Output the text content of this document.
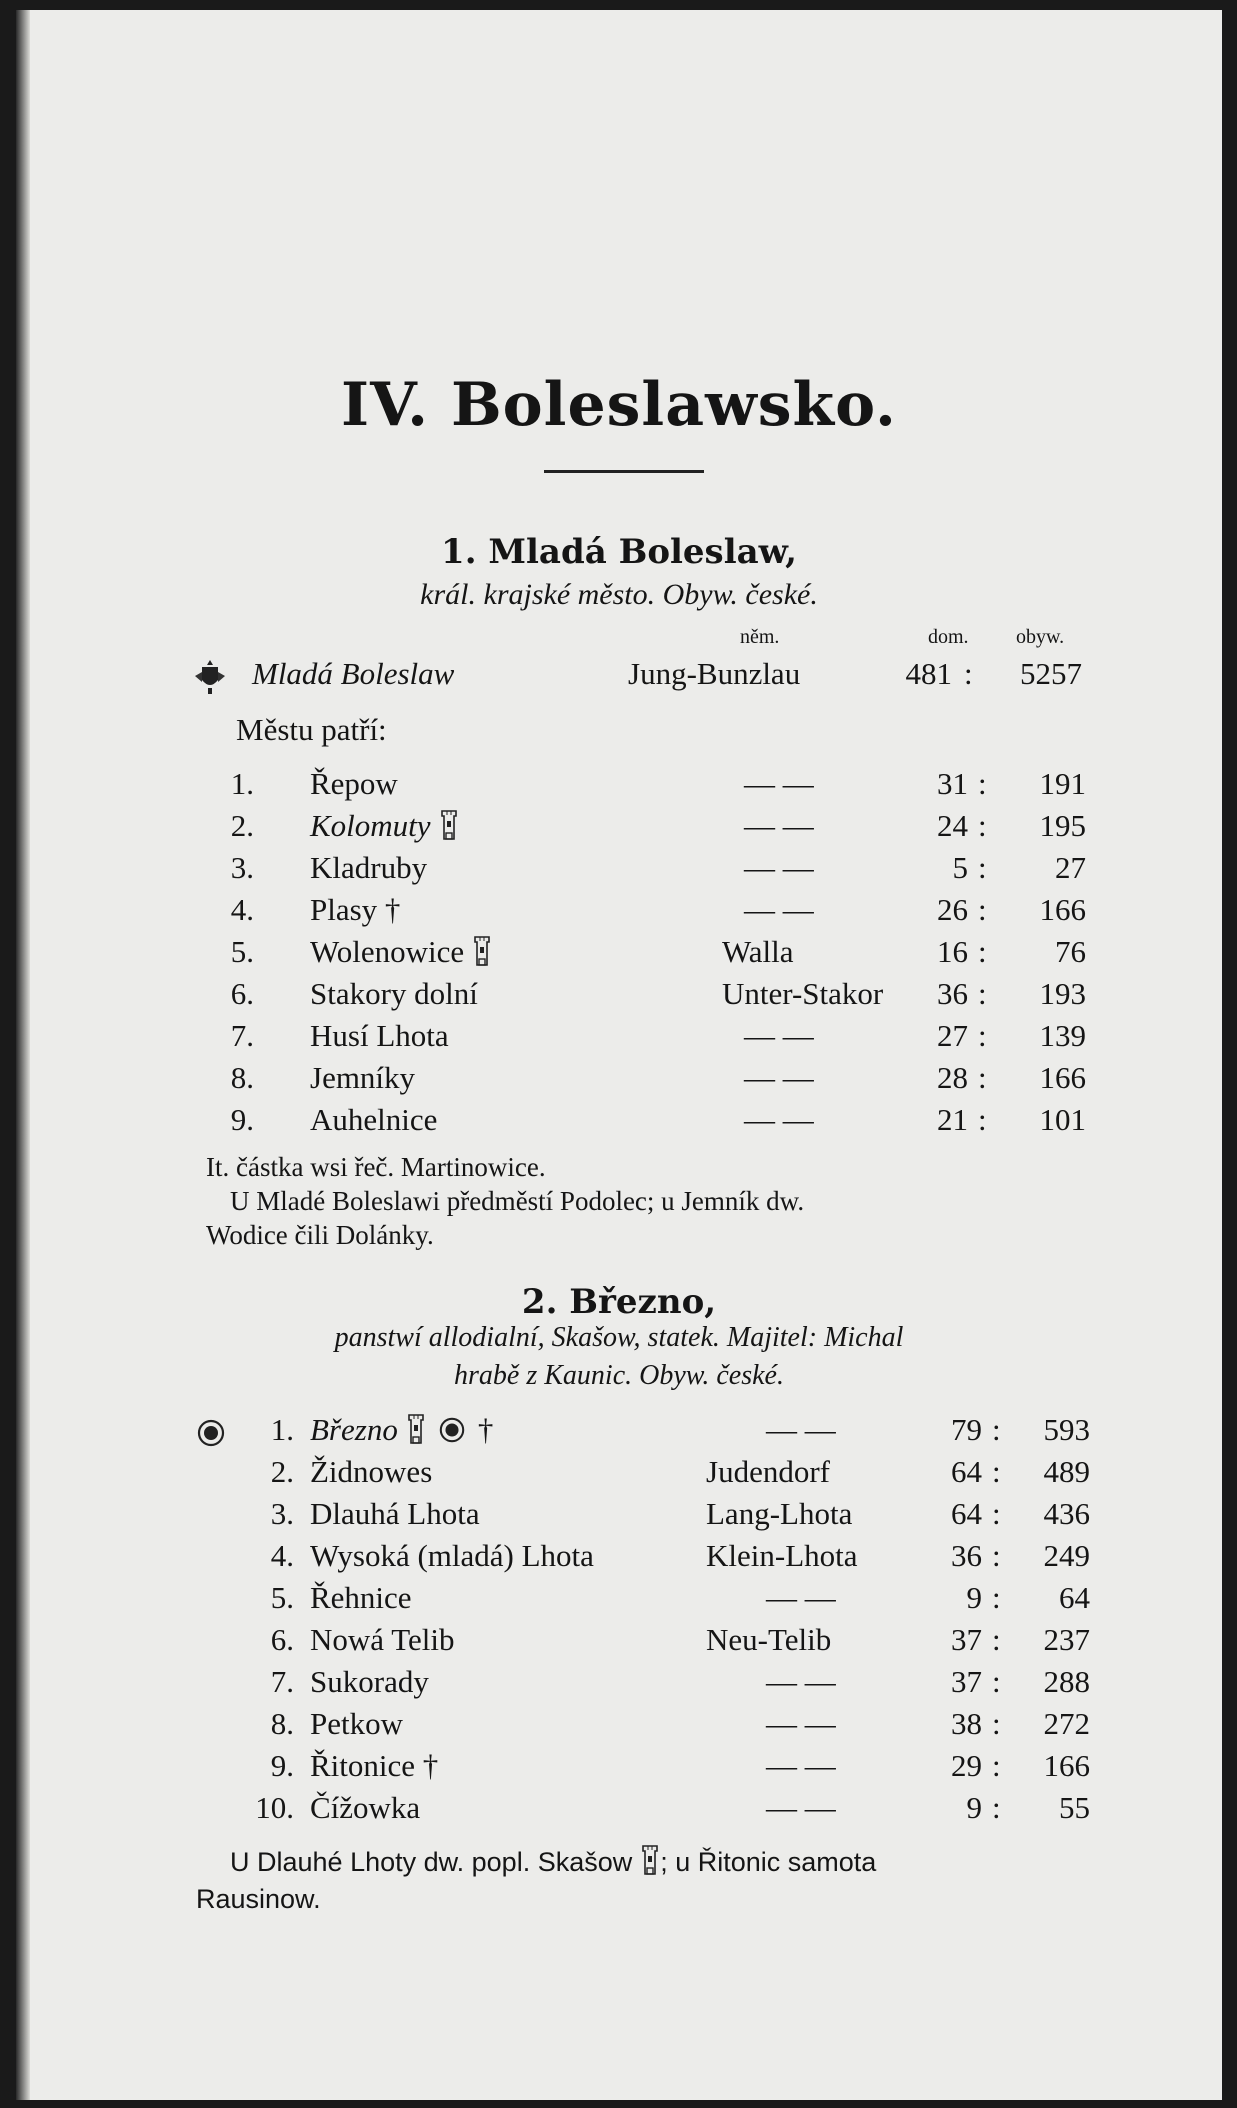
IV. Boleslawsko.
1. Mladá Boleslaw,
král. krajské město. Obyw. české.
něm.	dom. obyw.
Mladá Boleslaw	Jung-Bunzlau	481 :	5257
Městu patří:
1. Řepow	— —	31 :	191
2. Kolomuty	— —	24 :	195
3. Kladruby	— —	5 :	27
4. Plasy †	— —	26 :	166
5. Wolenowice	Walla	16 :	76
6. Stakory dolní	Unter-Stakor	36 :	193
7. Husí Lhota	— —	27 :	139
8. Jemníky	— —	28 :	166
9. Auhelnice	— —	21 :	101
It. částka wsi řeč. Martinowice.
U Mladé Boleslawi předměstí Podolec; u Jemník dw.
Wodice čili Dolánky.
2. Březno,
panstwí allodialní, Skašow, statek. Majitel: Michal
hrabě z Kaunic. Obyw. české.
1. Březno	†	— —	79 :	593
2. Židnowes	Judendorf	64 :	489
3. Dlauhá Lhota	Lang-Lhota	64 :	436
4. Wysoká (mladá) Lhota	Klein-Lhota	36 :	249
5. Řehnice	— —	9 :	64
6. Nowá Telib	Neu-Telib	37 :	237
7. Sukorady	— —	37 :	288
8. Petkow	— —	38 :	272
9. Řitonice †	— —	29 :	166
10. Čížowka	— —	9 :	55
U Dlauhé Lhoty dw. popl. Skašow ; u Řitonic samota
Rausinow.
